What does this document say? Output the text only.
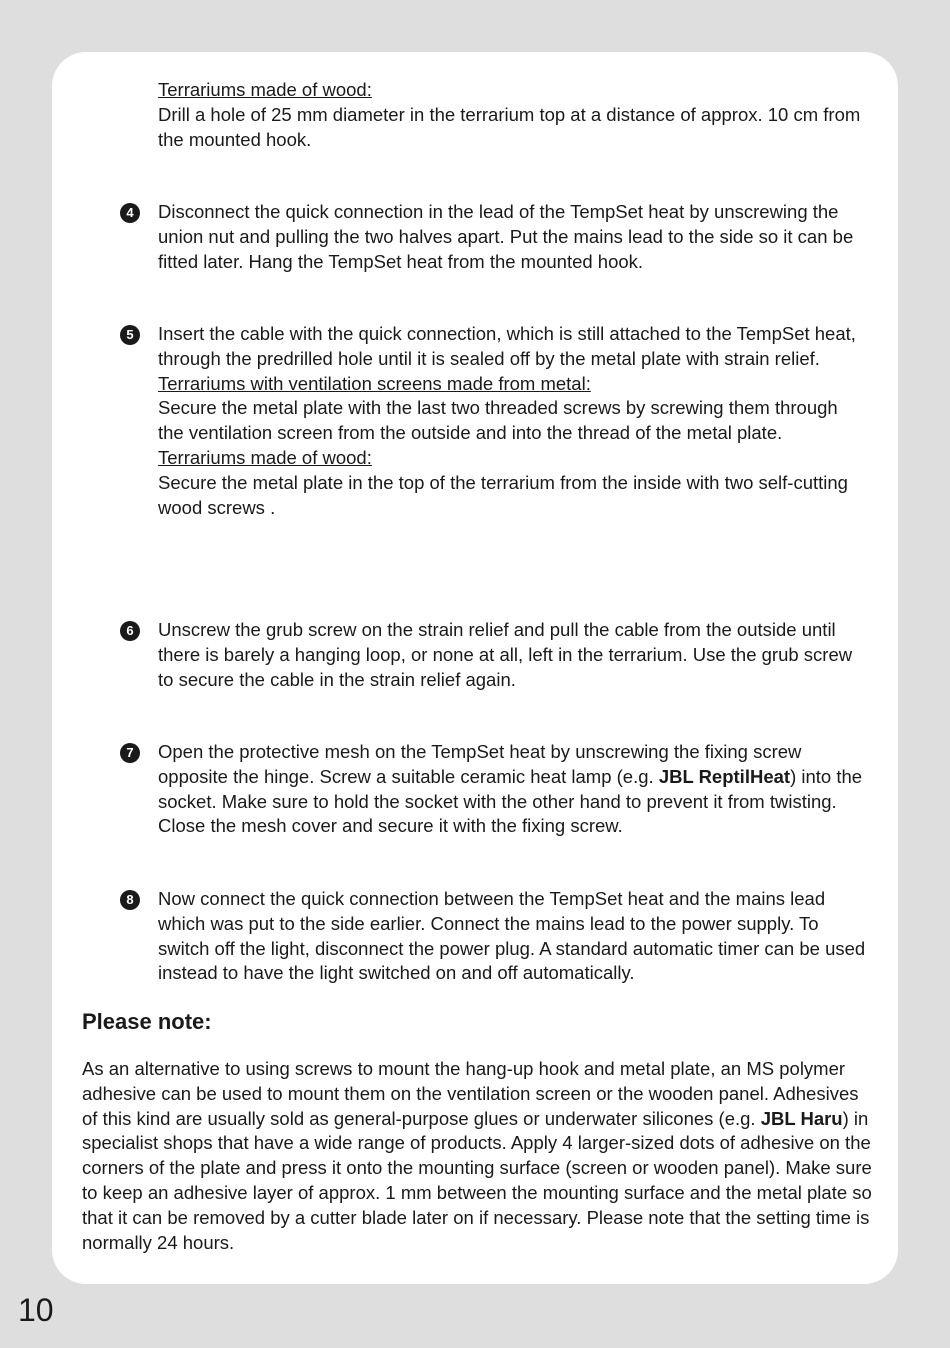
Terrariums made of wood:

Drill a hole of 25 mm diameter in the terrarium top at a distance of approx. 10 cm from the mounted hook.

4	Disconnect the quick connection in the lead of the TempSet heat by unscrewing the union nut and pulling the two halves apart. Put the mains lead to the side so it can be fitted later. Hang the TempSet heat from the mounted hook.

5	Insert the cable with the quick connection, which is still attached to the TempSet heat, through the predrilled hole until it is sealed off by the metal plate with strain relief.

Terrariums with ventilation screens made from metal:

Secure the metal plate with the last two threaded screws by screwing them through the ventilation screen from the outside and into the thread of the metal plate.

Terrariums made of wood:

Secure the metal plate in the top of the terrarium from the inside with two self-cutting wood screws .

6	Unscrew the grub screw on the strain relief and pull the cable from the outside until there is barely a hanging loop, or none at all, left in the terrarium. Use the grub screw to secure the cable in the strain relief again.

7	Open the protective mesh on the TempSet heat by unscrewing the fixing screw opposite the hinge. Screw a suitable ceramic heat lamp (e.g. JBL ReptilHeat) into the socket. Make sure to hold the socket with the other hand to prevent it from twisting. Close the mesh cover and secure it with the fixing screw.

8	Now connect the quick connection between the TempSet heat and the mains lead which was put to the side earlier. Connect the mains lead to the power supply. To switch off the light, disconnect the power plug. A standard automatic timer can be used instead to have the light switched on and off automatically.

Please note:
As an alternative to using screws to mount the hang-up hook and metal plate, an MS polymer adhesive can be used to mount them on the ventilation screen or the wooden panel. Adhesives of this kind are usually sold as general-purpose glues or underwater silicones (e.g. JBL Haru) in specialist shops that have a wide range of products. Apply 4 larger-sized dots of adhesive on the corners of the plate and press it onto the mounting surface (screen or wooden panel). Make sure to keep an adhesive layer of approx. 1 mm between the mounting surface and the metal plate so that it can be removed by a cutter blade later on if necessary. Please note that the setting time is normally 24 hours.
10
